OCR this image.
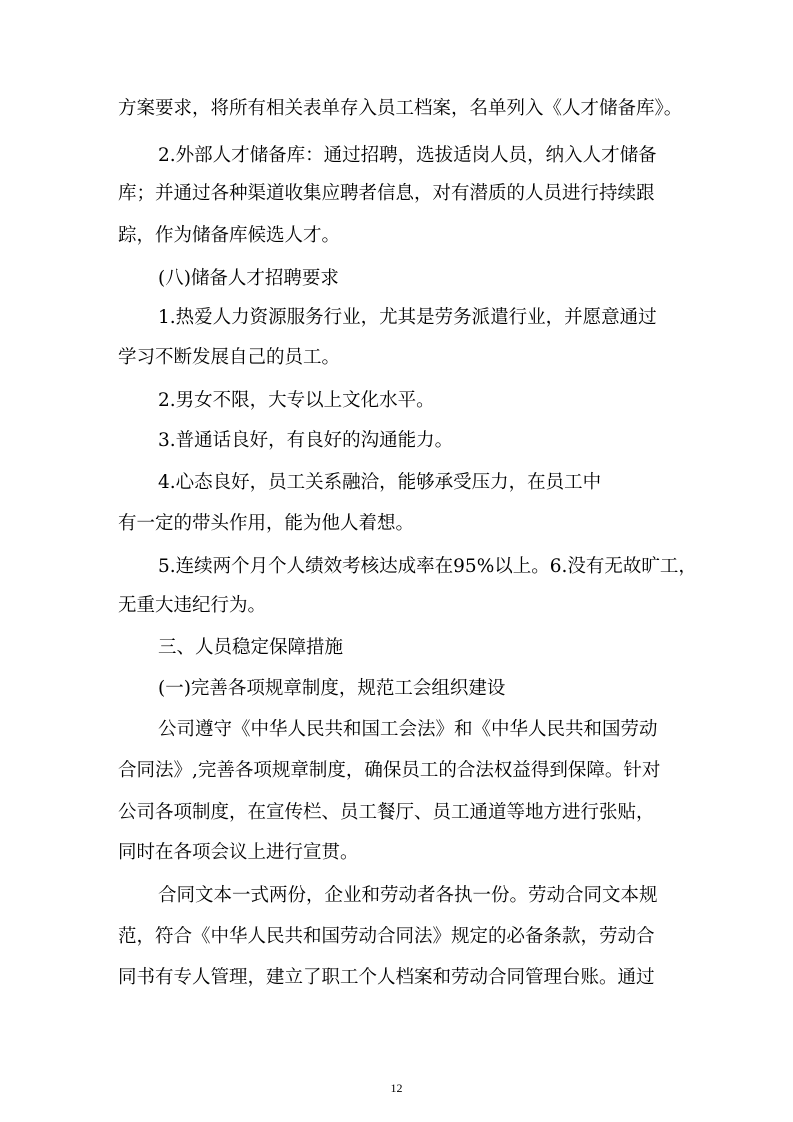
方案要求，将所有相关表单存入员工档案，名单列入《人才储备库》。
2.外部人才储备库：通过招聘，选拔适岗人员，纳入人才储备
库；并通过各种渠道收集应聘者信息，对有潜质的人员进行持续跟
踪，作为储备库候选人才。
(八)储备人才招聘要求
1.热爱人力资源服务行业，尤其是劳务派遣行业，并愿意通过
学习不断发展自己的员工。
2.男女不限，大专以上文化水平。
3.普通话良好，有良好的沟通能力。
4.心态良好，员工关系融洽，能够承受压力，在员工中
有一定的带头作用，能为他人着想。
5.连续两个月个人绩效考核达成率在95%以上。6.没有无故旷工，
无重大违纪行为。
三、人员稳定保障措施
(一)完善各项规章制度，规范工会组织建设
公司遵守《中华人民共和国工会法》和《中华人民共和国劳动
合同法》,完善各项规章制度，确保员工的合法权益得到保障。针对
公司各项制度，在宣传栏、员工餐厅、员工通道等地方进行张贴，
同时在各项会议上进行宣贯。
合同文本一式两份，企业和劳动者各执一份。劳动合同文本规
范，符合《中华人民共和国劳动合同法》规定的必备条款，劳动合
同书有专人管理，建立了职工个人档案和劳动合同管理台账。通过
12
